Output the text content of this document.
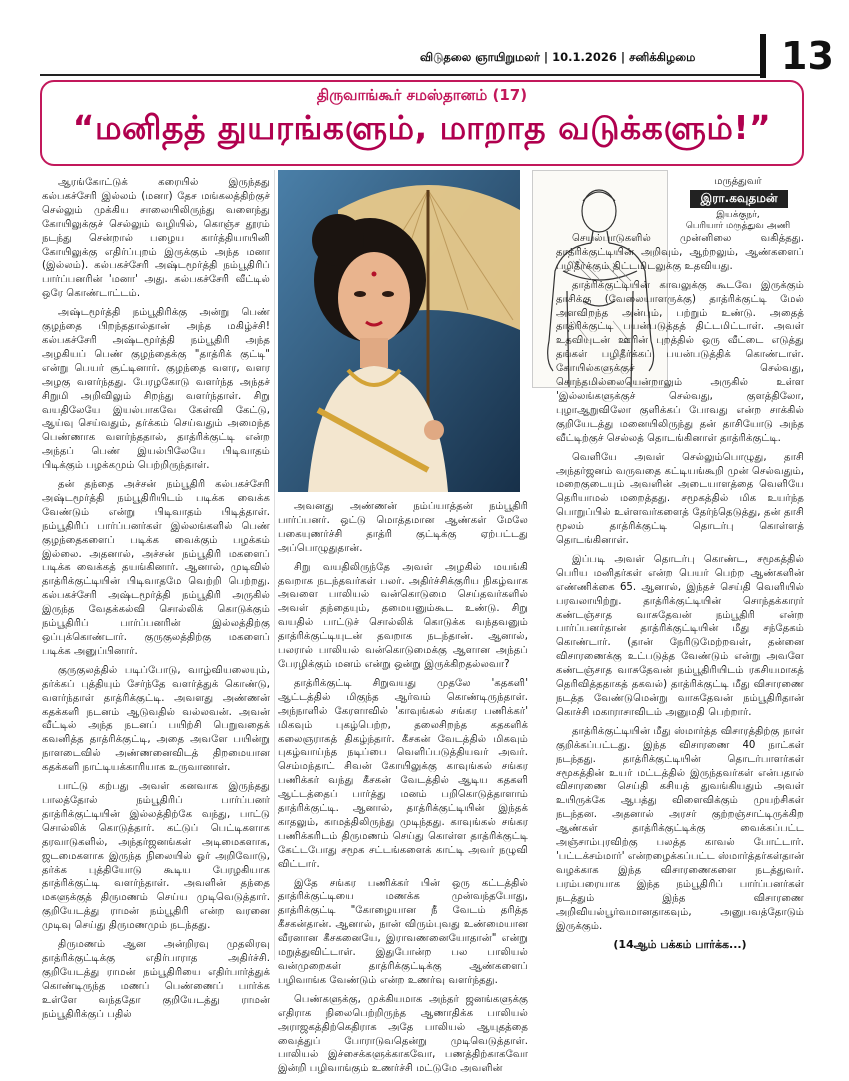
விடுதலை ஞாயிறுமலர் | 10.1.2026 | சனிக்கிழமை	13
திருவாங்கூர் சமஸ்தானம் (17)
“மனிதத் துயரங்களும், மாறாத வடுக்களும்!”

ஆரங்கோட்டுக் கரையில் இருந்தது கல்பகச்சேரி இல்லம் (மனா) தேச மங்கலத்திற்குச் செல்லும் முக்கிய சாலையிலிருந்து வளைந்து கோயிலுக்குச் செல்லும் வழியில், கொஞ்ச தூரம் நடந்து சென்றால் பழைய கார்த்தியாயினி கோயிலுக்கு எதிர்ப்புறம் இருக்கும் அந்த மனா (இல்லம்). கல்பகச்சேரி அஷ்டமூர்த்தி நம்பூதிரிப் பார்ப்பனரின் 'மனா' அது. கல்பகச்சேரி வீட்டில் ஒரே கொண்டாட்டம்.

அஷ்டமூர்த்தி நம்பூதிரிக்கு அன்று பெண் குழந்தை பிறந்ததால்தான் அந்த மகிழ்ச்சி! கல்பகச்சேரி அஷ்டமூர்த்தி நம்பூதிரி அந்த அழகியப் பெண் குழந்தைக்கு "தாத்ரிக் குட்டி" என்று பெயர் சூட்டினார். குழந்தை வளர, வளர அழகு வளர்ந்தது. பேரழகோடு வளர்ந்த அந்தச் சிறுமி அறிவிலும் சிறந்து வளர்ந்தாள். சிறு வயதிலேயே இயல்பாகவே கேள்வி கேட்டு, ஆய்வு செய்வதும், தர்க்கம் செய்வதும் அமைந்த பெண்ணாக வளர்ந்ததால், தாத்ரிக்குட்டி என்ற அந்தப் பெண் இயல்பிலேயே பிடிவாதம் பிடிக்கும் பழக்கமும் பெற்றிருந்தாள்.

தன் தந்தை அச்சன் நம்பூதிரி கல்பகச்சேரி அஷ்டமூர்த்தி நம்பூதிரியிடம் படிக்க வைக்க வேண்டும் என்று பிடிவாதம் பிடித்தாள். நம்பூதிரிப் பார்ப்பனர்கள் இல்லங்களில் பெண் குழந்தைகளைப் படிக்க வைக்கும் பழக்கம் இல்லை. அதனால், அச்சன் நம்பூதிரி மகளைப் படிக்க வைக்கத் தயங்கினார். ஆனால், முடிவில் தாத்ரிக்குட்டியின் பிடிவாதமே வெற்றி பெற்றது. கல்பகச்சேரி அஷ்டமூர்த்தி நம்பூதிரி அருகில் இருந்த வேதக்கல்வி சொல்லிக் கொடுக்கும் நம்பூதிரிப் பார்ப்பனரின் இல்லத்திற்கு ஒப்புக்கொண்டார். குருகுலத்திற்கு மகளைப் படிக்க அனுப்பினார்.

குருகுலத்தில் படிப்போடு, வாழ்வியலையும், தர்க்கப் புத்தியும் சேர்ந்தே வளர்த்துக் கொண்டு, வளர்ந்தாள் தாத்ரிக்குட்டி. அவளது அண்ணன் கதக்களி நடனம் ஆடுவதில் வல்லவன். அவன் வீட்டில் அந்த நடனப் பயிற்சி பெறுவதைக் கவனித்த தாத்ரிக்குட்டி, அதை அவளே பயின்று நாளடைவில் அண்ணனைவிடத் திறமையான கதக்களி நாட்டியக்காரியாக உருவானாள்.

பாட்டு கற்பது அவள் கனவாக இருந்தது பாலத்தோல் நம்பூதிரிப் பார்ப்பனர் தாத்ரிக்குட்டியின் இல்லத்திற்கே வந்து, பாட்டு சொல்லிக் கொடுத்தார். கட்டுப் பெட்டிகளாக தரவாடுகளில், அந்தர்ஜனங்கள் அடிமைகளாக, ஜடமைகளாக இருந்த நிலையில் ஓர் அறிவோடு, தர்க்க புத்தியோடு கூடிய பேரழகியாக தாத்ரிக்குட்டி வளர்ந்தாள். அவளின் தந்தை மகளுக்குத் திருமணம் செய்ய முடிவெடுத்தார். குறியேடத்து ராமன் நம்பூதிரி என்ற வரனை முடிவு செய்து திருமணமும் நடந்தது.

திருமணம் ஆன அன்றிரவு முதலிரவு தாத்ரிக்குட்டிக்கு எதிர்பாராத அதிர்ச்சி. குறியேடத்து ராமன் நம்பூதிரியை எதிர்பார்த்துக் கொண்டிருந்த மணப் பெண்ணைப் பார்க்க உள்ளே வந்ததோ குறியேடத்து ராமன் நம்பூதிரிக்குப் பதில்

அவனது அண்ணன் நம்ப்யாத்தன் நம்பூதிரி பார்ப்பனர். ஒட்டு மொத்தமான ஆண்கள் மேலே பகையுணர்ச்சி தாத்ரி குட்டிக்கு ஏற்பட்டது அப்பொழுதுதான்.

சிறு வயதிலிருந்தே அவள் அழகில் மயங்கி தவறாக நடந்தவர்கள் பலர். அதிர்ச்சிக்குரிய நிகழ்வாக அவளை பாலியல் வன்கொடுமை செய்தவர்களில் அவள் தந்தையும், தமையனும்கூட உண்டு. சிறு வயதில் பாட்டுச் சொல்லிக் கொடுக்க வந்தவனும் தாத்ரிக்குட்டியுடன் தவறாக நடந்தான். ஆனால், பலரால் பாலியல் வன்கொடுமைக்கு ஆளான அந்தப் பேரழிக்கும் மனம் என்று ஒன்று இருக்கிறதல்லவா?

தாத்ரிக்குட்டி சிறுவயது முதலே 'கதகளி' ஆட்டத்தில் மிகுந்த ஆர்வம் கொண்டிருந்தாள். அந்நாளில் கேரளாவில் 'காவுங்கல் சங்கர பணிக்கர்' மிகவும் புகழ்பெற்ற, தலைசிறந்த கதகளிக் கலைஞராகத் திகழ்ந்தார். கீசகன் வேடத்தில் மிகவும் புகழ்வாய்ந்த நடிப்பை வெளிப்படுத்தியவர் அவர். செம்மந்தாட் சிவன் கோயிலுக்கு காவுங்கல் சங்கர பணிக்கர் வந்து கீசகன் வேடத்தில் ஆடிய கதகளி ஆட்டத்தைப் பார்த்து மனம் பறிகொடுத்தாளாம் தாத்ரிக்குட்டி. ஆனால், தாத்ரிக்குட்டியின் இந்தக் காதலும், காமத்திலிருந்து முடிந்தது. காவுங்கல் சங்கர பணிக்கரிடம் திருமணம் செய்து கொள்ள தாத்ரிக்குட்டி கேட்டபோது சமூக சட்டங்களைக் காட்டி அவர் நழுவி விட்டார்.

இதே சங்கர பணிக்கர் பின் ஒரு கட்டத்தில் தாத்ரிக்குட்டியை மணக்க முன்வந்தபோது, தாத்ரிக்குட்டி "கோழையான நீ வேடம் தரித்த கீசகன்தான். ஆனால், நான் விரும்புவது உண்மையான வீரனான கீசகனையே, இராவணனையோதான்" என்று மறுத்துவிட்டாள். இதுபோன்ற பல பாலியல் வன்முறைகள் தாத்ரிக்குட்டிக்கு ஆண்களைப் பழிவாங்க வேண்டும் என்ற உணர்வு வளர்ந்தது.

பெண்களுக்கு, முக்கியமாக அந்தர் ஜனங்களுக்கு எதிராக நிலைபெற்றிருந்த ஆணாதிக்க பாலியல் அராஜகத்திற்கெதிராக அதே பாலியல் ஆயுதத்தை வைத்துப் போராடுவதென்று முடிவெடுத்தாள். பாலியல் இச்சைக்களுக்காகவோ, பணத்திற்காகவோ இன்றி பழிவாங்கும் உணர்ச்சி மட்டுமே அவளின்

மருத்துவர்
இரா.கவுதமன்
இயக்குநர்,
பெரியார் மருத்துவ அணி

செயல்பாடுகளில் முன்னிலை வகித்தது. தாத்ரிக்குட்டியின் அறிவும், ஆற்றலும், ஆண்களைப் பழிதீர்க்கும் திட்டமிடலுக்கு உதவியது.

தாத்ரிக்குட்டியின் காவலுக்கு கூடவே இருக்கும் தாசிக்கு (வேலையாளருக்கு) தாத்ரிக்குட்டி மேல் அளவிறந்த அன்பும், பற்றும் உண்டு. அதைத் தாத்ரிக்குட்டி பயன்படுத்தத் திட்டமிட்டாள். அவள் உதவியுடன் ஊரின் புறத்தில் ஒரு வீட்டை எடுத்து தங்கள் பழிதீர்க்கப் பயன்படுத்திக் கொண்டாள். கோயில்களுக்குச் செல்வது, சொந்தமில்லையென்றாலும் அருகில் உள்ள 'இல்லங்களுக்குச் செல்வது, குளத்திலோ, புழாஆறுவிலோ குளிக்கப் போவது என்ற சாக்கில் குறியேடத்து மனையிலிருந்து தன் தாசியோடு அந்த வீட்டிற்குச் செல்லத் தொடங்கினாள் தாத்ரிக்குட்டி.

வெளியே அவள் செல்லும்பொழுது, தாசி அந்தர்ஜனம் வருவதை கட்டியங்கூறி முன் செல்வதும், மறைகுடையும் அவளின் அடையாளத்தை வெளியே தெரியாமல் மறைத்தது. சமூகத்தில் மிக உயர்ந்த பொறுப்பில் உள்ளவர்களைத் தேர்ந்தெடுத்து, தன் தாசி மூலம் தாத்ரிக்குட்டி தொடர்பு கொள்ளத் தொடங்கினாள்.

இப்படி அவள் தொடர்பு கொண்ட, சமூகத்தில் பெரிய மனிதர்கள் என்ற பெயர் பெற்ற ஆண்களின் எண்ணிக்கை 65. ஆனால், இந்தச் செய்தி வெளியில் பரவலாயிற்று. தாத்ரிக்குட்டியின் சொந்தக்காரர் கண்டஞ்சாத வாசுதேவன் நம்பூதிரி என்ற பார்ப்பனர்தான் தாத்ரிக்குட்டியின் மீது சந்தேகம் கொண்டார். (தான் நேரிடுமேற்றவள், தன்னை விசாரணைக்கு உட்படுத்த வேண்டும் என்று அவளே கண்டஞ்சாத வாசுதேவன் நம்பூதிரியிடம் ரகசியமாகத் தெரிவித்ததாகத் தகவல்) தாத்ரிக்குட்டி மீது விசாரணை நடத்த வேண்டுமென்று வாசுதேவன் நம்பூதிரிதான் கொச்சி மகாராசாவிடம் அனுமதி பெற்றார்.

தாத்ரிக்குட்டியின் மீது ஸ்மார்த்த விசாரத்திற்கு நாள் குறிக்கப்பட்டது. இந்த விசாரணை 40 நாட்கள் நடந்தது. தாத்ரிக்குட்டியின் தொடர்பாளர்கள் சமூகத்தின் உயர் மட்டத்தில் இருந்தவர்கள் என்பதால் விசாரணை செய்தி கசியத் துவங்கியதும் அவள் உயிருக்கே ஆபத்து விளைவிக்கும் முயற்சிகள் நடந்தன. அதனால் அரசர் குற்றஞ்சாட்டிருக்கிற ஆண்கள் தாத்ரிக்குட்டிக்கு வைக்கப்பட்ட அஞ்சாம்புரவிற்கு பலத்த காவல் போட்டார். 'பட்டக்சம்மார்' என்றழைக்கப்பட்ட ஸ்மார்த்தர்கள்தான் வழக்காக இந்த விசாரணைகளை நடத்துவர். பரம்பரையாக இந்த நம்பூதிரிப் பார்ப்பனர்கள் நடத்தும் இந்த விசாரணை அறிவியல்பூர்வமானதாகவும், அனுபவத்தோடும் இருக்கும்.

(14ஆம் பக்கம் பார்க்க...)
